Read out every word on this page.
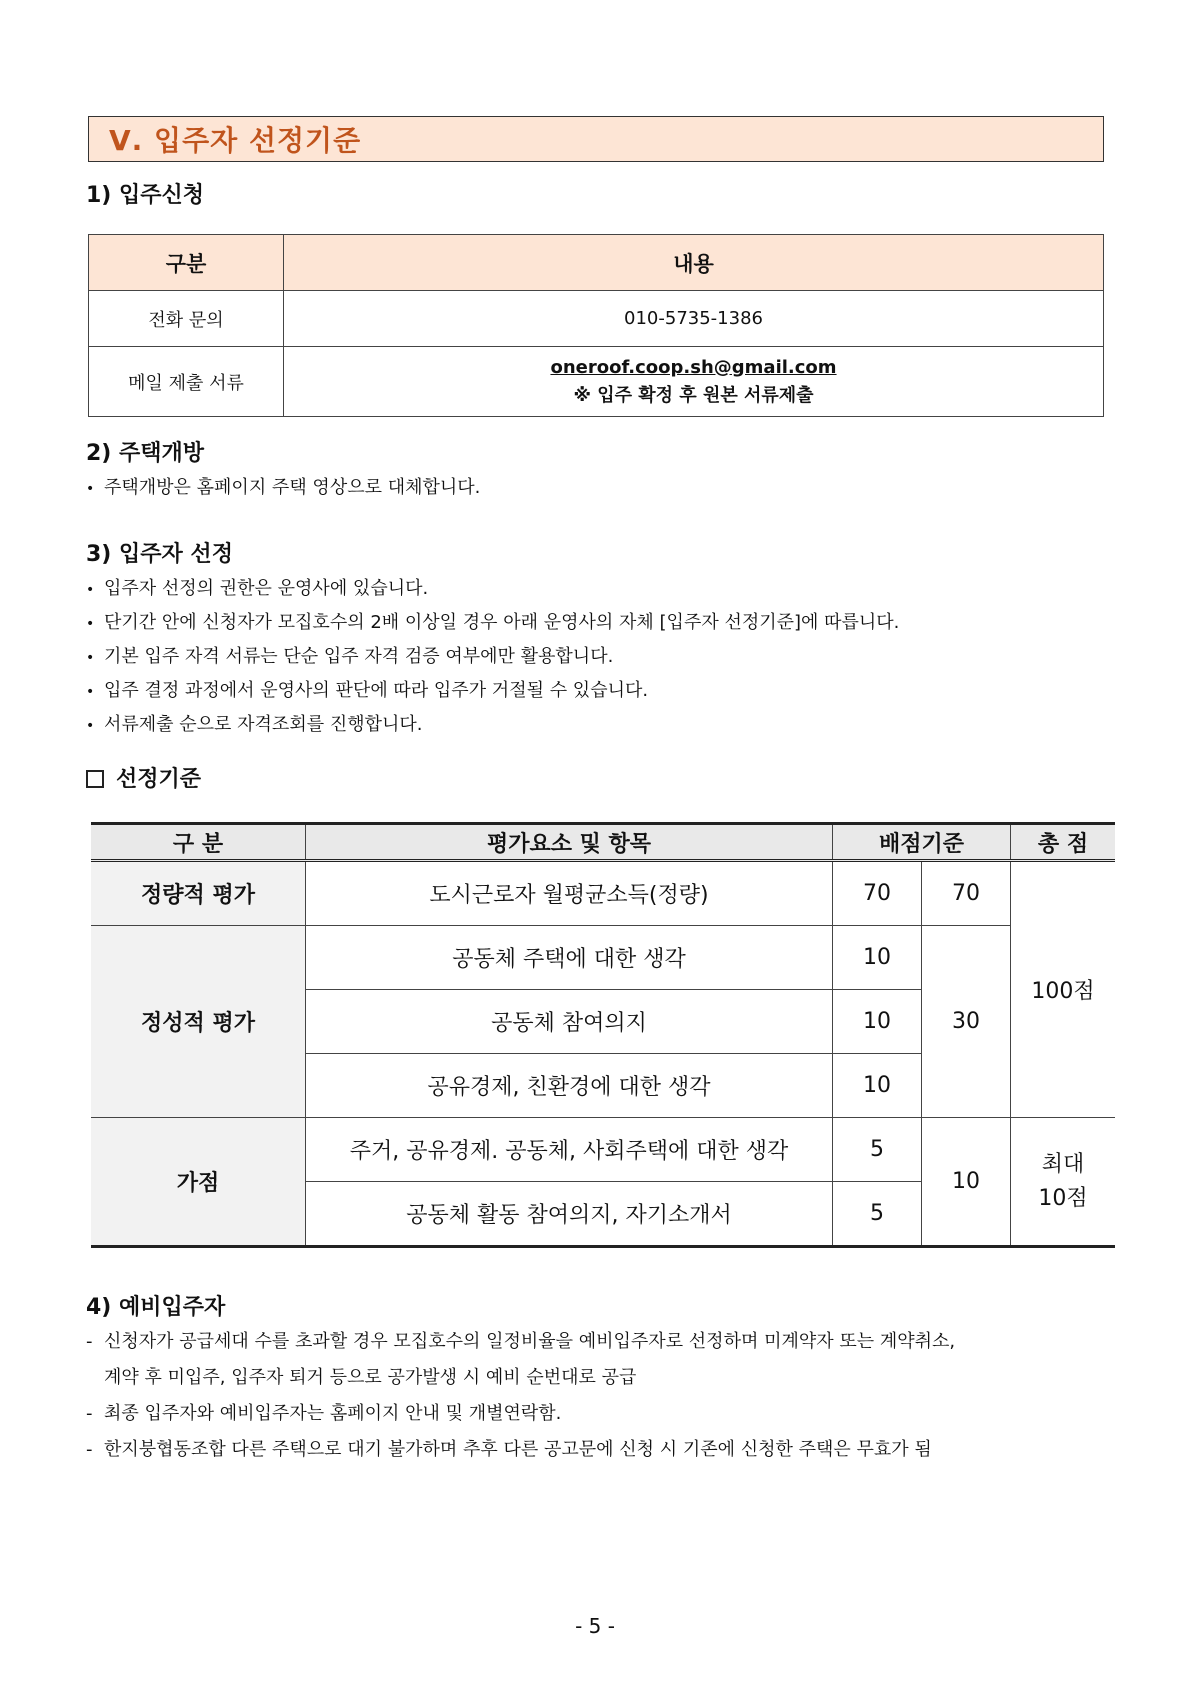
Ⅴ. 입주자 선정기준
1) 입주신청
구분	내용
전화 문의	010-5735-1386
메일 제출 서류	oneroof.coop.sh@gmail.com
※ 입주 확정 후 원본 서류제출
2) 주택개방
• 주택개방은 홈페이지 주택 영상으로 대체합니다.
3) 입주자 선정
• 입주자 선정의 권한은 운영사에 있습니다.
• 단기간 안에 신청자가 모집호수의 2배 이상일 경우 아래 운영사의 자체 [입주자 선정기준]에 따릅니다.
• 기본 입주 자격 서류는 단순 입주 자격 검증 여부에만 활용합니다.
• 입주 결정 과정에서 운영사의 판단에 따라 입주가 거절될 수 있습니다.
• 서류제출 순으로 자격조회를 진행합니다.
선정기준
구 분	평가요소 및 항목	배점기준		총 점
정량적 평가	도시근로자 월평균소득(정량)	70	70	100점
정성적 평가	공동체 주택에 대한 생각	10	30	
	공동체 참여의지	10		
	공유경제, 친환경에 대한 생각	10		
가점	주거, 공유경제. 공동체, 사회주택에 대한 생각	5	10	최대
10점
	공동체 활동 참여의지, 자기소개서	5		
4) 예비입주자
- 신청자가 공급세대 수를 초과할 경우 모집호수의 일정비율을 예비입주자로 선정하며 미계약자 또는 계약취소,
계약 후 미입주, 입주자 퇴거 등으로 공가발생 시 예비 순번대로 공급
- 최종 입주자와 예비입주자는 홈페이지 안내 및 개별연락함.
- 한지붕협동조합 다른 주택으로 대기 불가하며 추후 다른 공고문에 신청 시 기존에 신청한 주택은 무효가 됨
- 5 -
